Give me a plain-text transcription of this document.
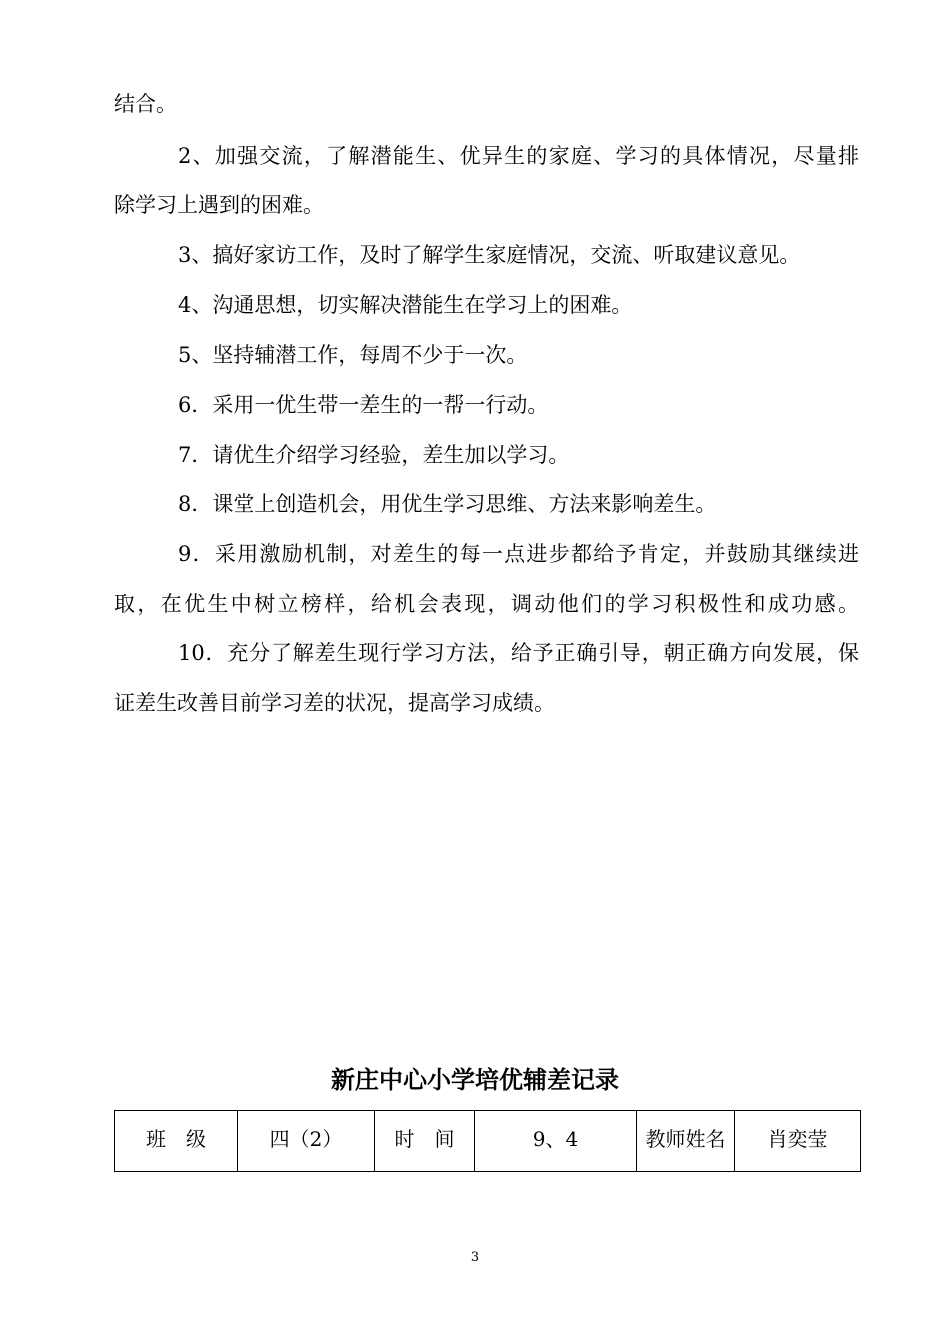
结合。

2、加强交流，了解潜能生、优异生的家庭、学习的具体情况，尽量排

除学习上遇到的困难。

3、搞好家访工作，及时了解学生家庭情况，交流、听取建议意见。

4、沟通思想，切实解决潜能生在学习上的困难。

5、坚持辅潜工作，每周不少于一次。

6．采用一优生带一差生的一帮一行动。

7．请优生介绍学习经验，差生加以学习。

8．课堂上创造机会，用优生学习思维、方法来影响差生。

9．采用激励机制，对差生的每一点进步都给予肯定，并鼓励其继续进

取，在优生中树立榜样，给机会表现，调动他们的学习积极性和成功感。

10．充分了解差生现行学习方法，给予正确引导，朝正确方向发展，保

证差生改善目前学习差的状况，提高学习成绩。

新庄中心小学培优辅差记录
班　级	四（2）	时　间	9、4	教师姓名	肖奕莹

3
